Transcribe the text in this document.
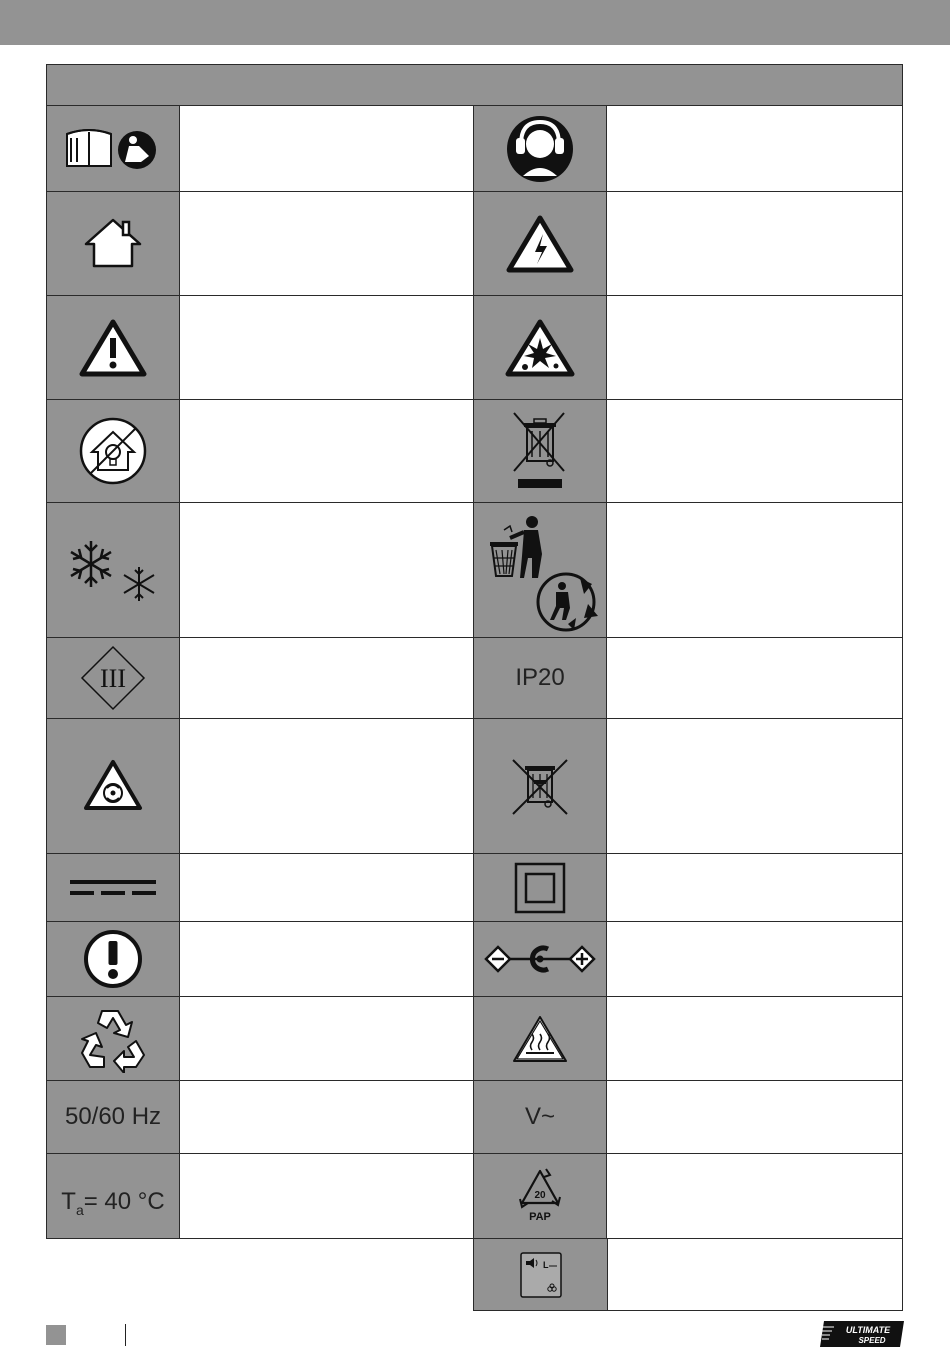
III	IP20
50/60 Hz	V~
$T_a= 40$ °C	20
PAP
L
ULTIMATE
SPEED
